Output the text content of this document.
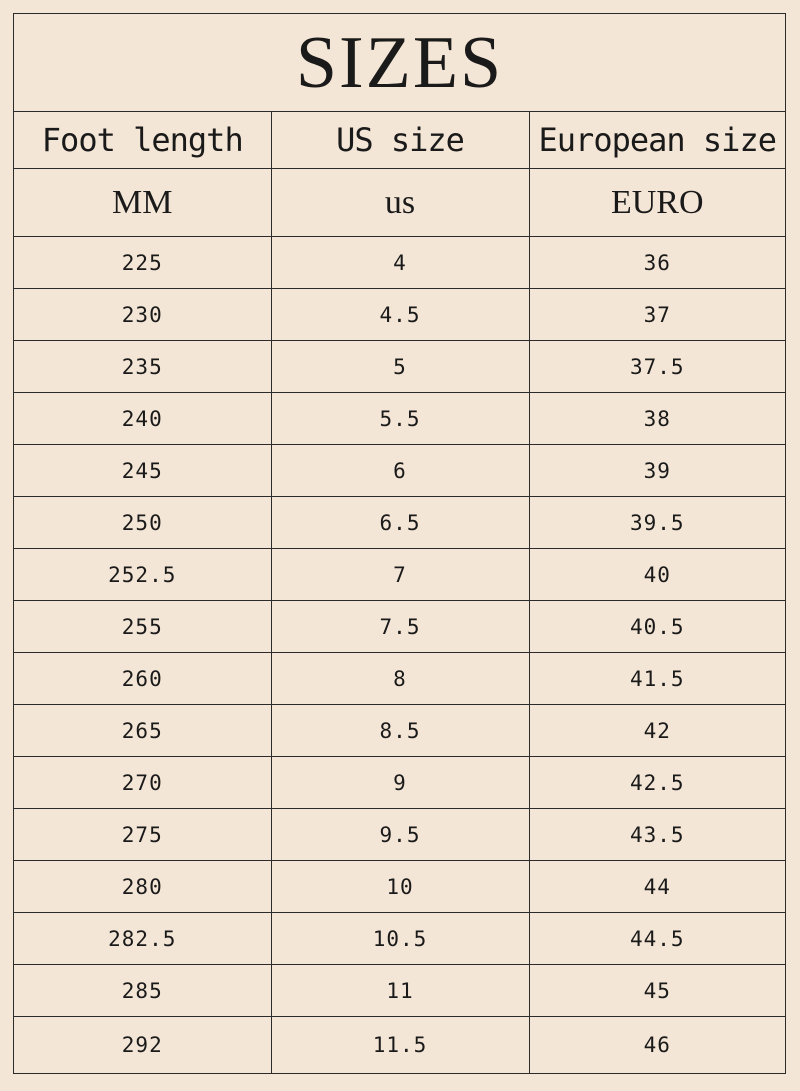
SIZES
Foot length	US size	European size
MM	us	EURO
225	4	36
230	4.5	37
235	5	37.5
240	5.5	38
245	6	39
250	6.5	39.5
252.5	7	40
255	7.5	40.5
260	8	41.5
265	8.5	42
270	9	42.5
275	9.5	43.5
280	10	44
282.5	10.5	44.5
285	11	45
292	11.5	46
